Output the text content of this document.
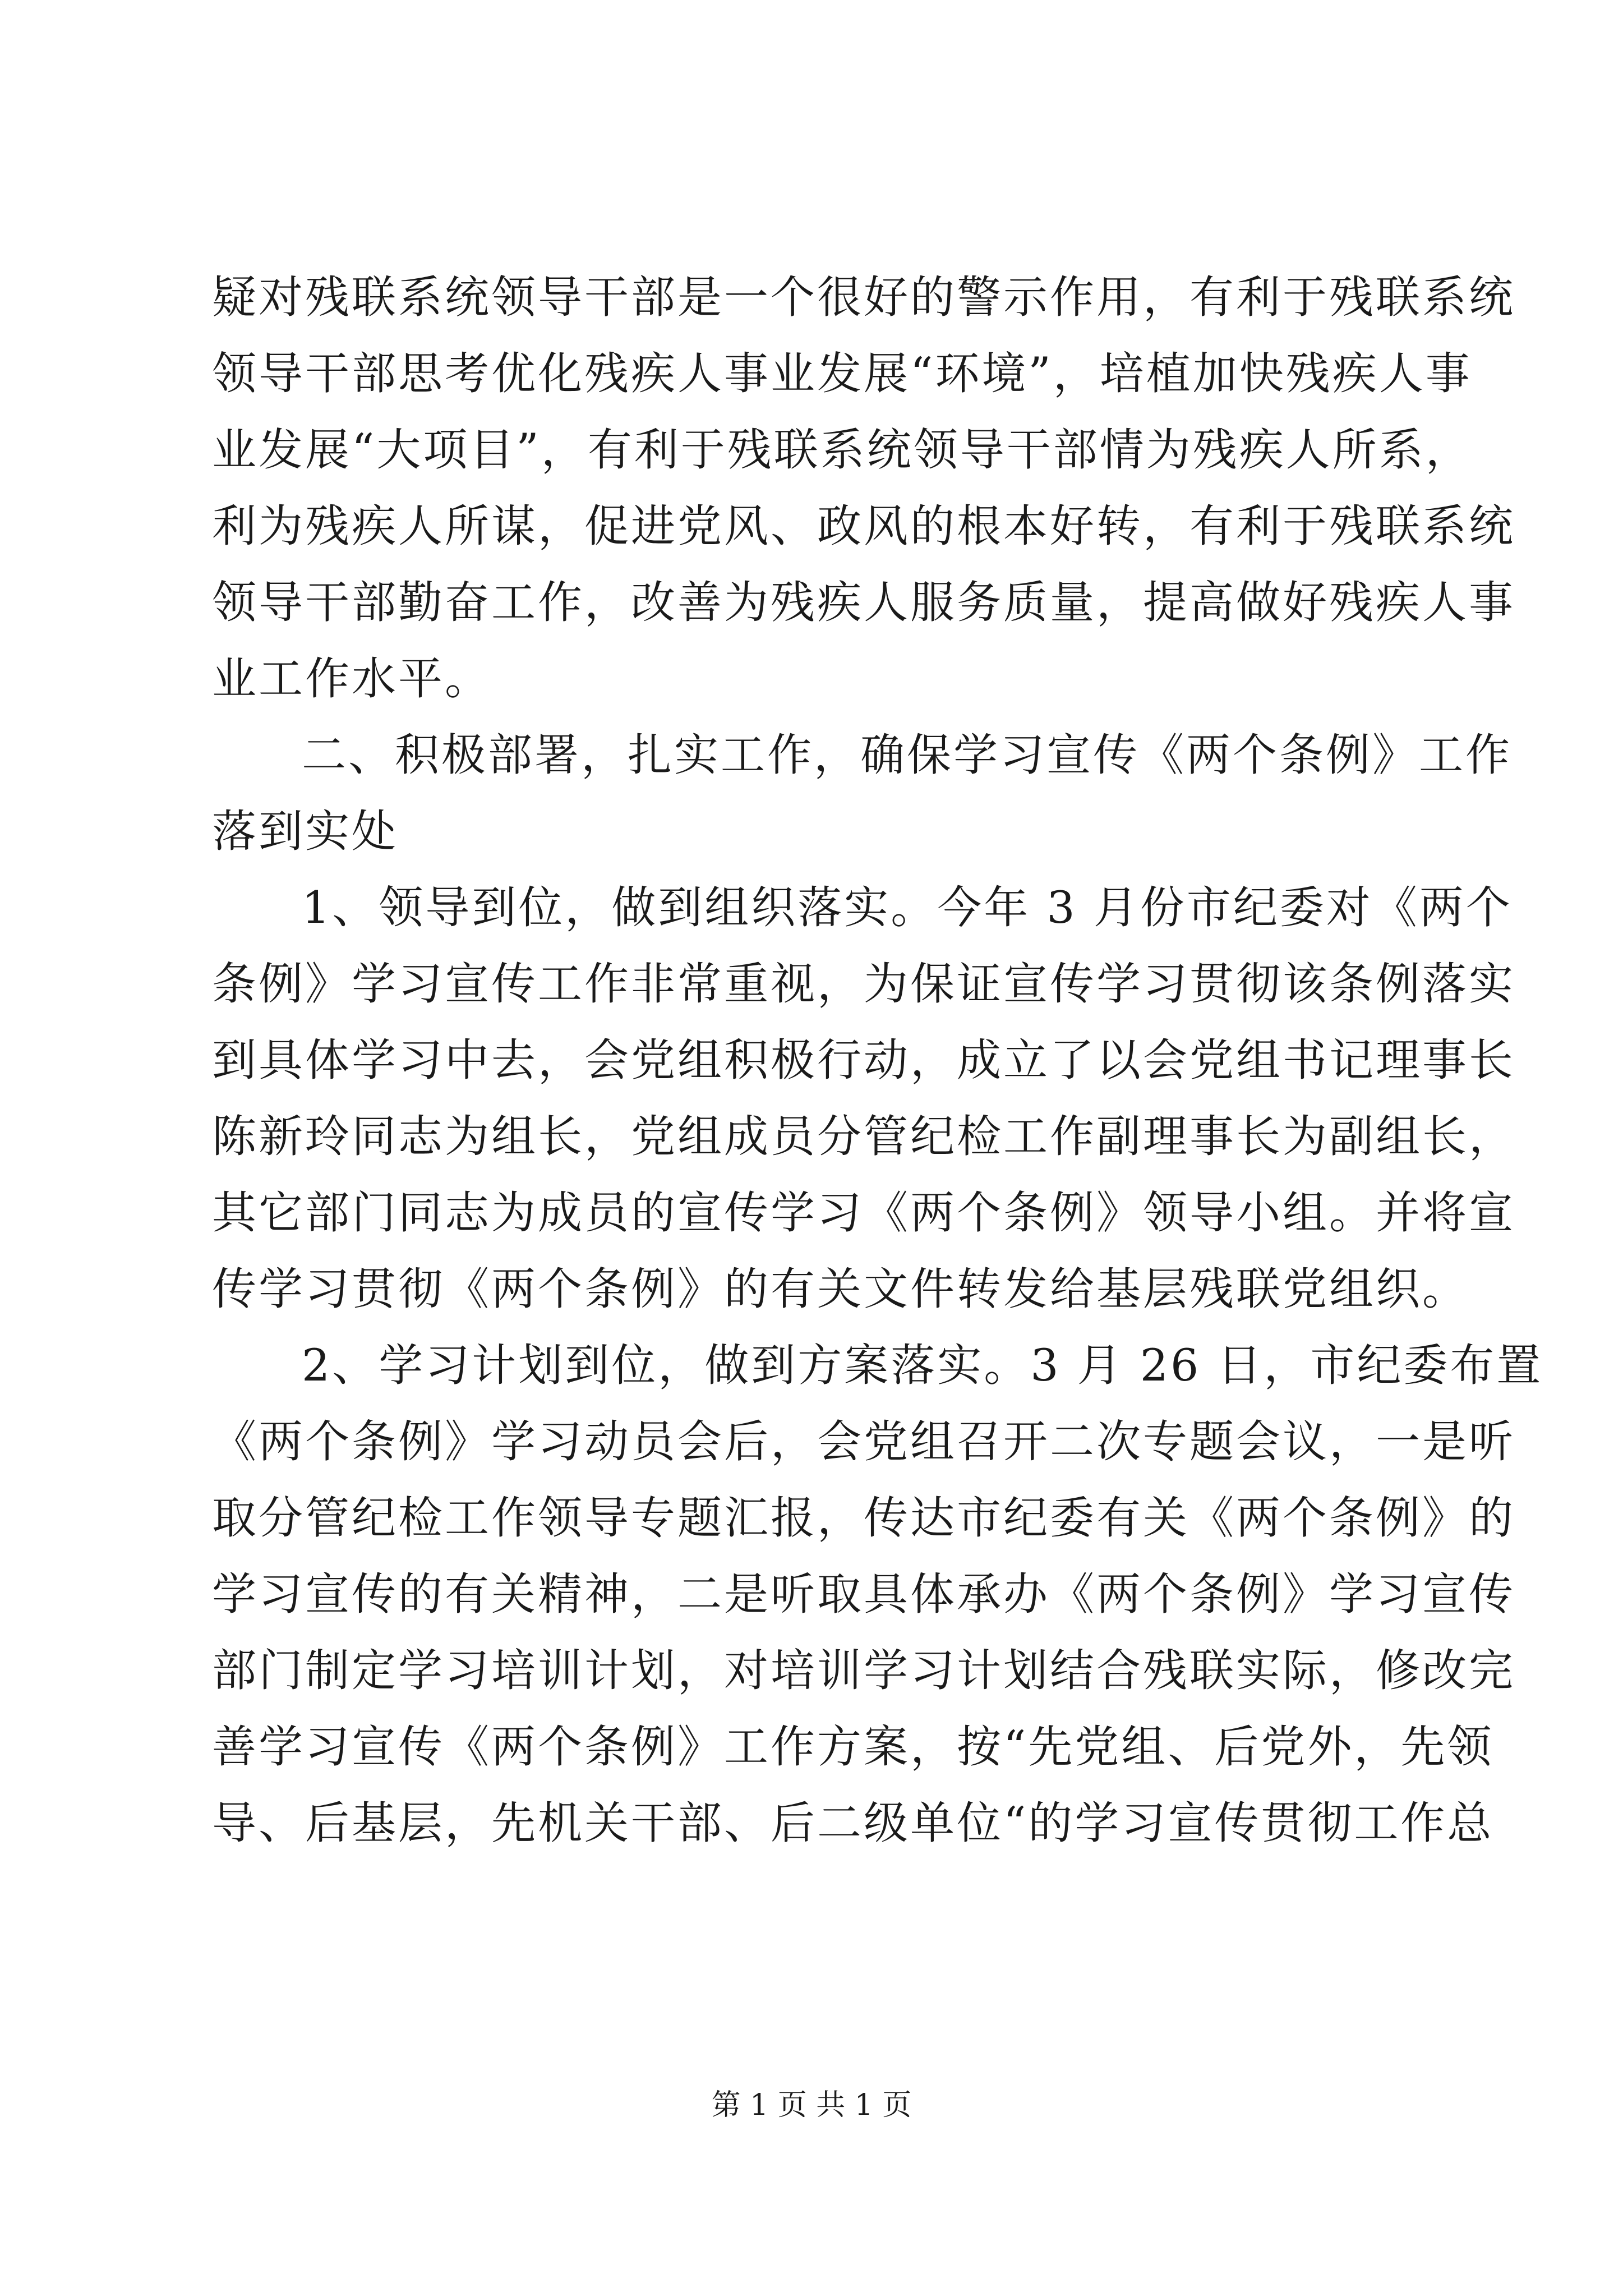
疑对残联系统领导干部是一个很好的警示作用，有利于残联系统
领导干部思考优化残疾人事业发展“环境”，培植加快残疾人事
业发展“大项目”，有利于残联系统领导干部情为残疾人所系，
利为残疾人所谋，促进党风、政风的根本好转，有利于残联系统
领导干部勤奋工作，改善为残疾人服务质量，提高做好残疾人事
业工作水平。
二、积极部署，扎实工作，确保学习宣传《两个条例》工作
落到实处
1、领导到位，做到组织落实。今年 3 月份市纪委对《两个
条例》学习宣传工作非常重视，为保证宣传学习贯彻该条例落实
到具体学习中去，会党组积极行动，成立了以会党组书记理事长
陈新玲同志为组长，党组成员分管纪检工作副理事长为副组长，
其它部门同志为成员的宣传学习《两个条例》领导小组。并将宣
传学习贯彻《两个条例》的有关文件转发给基层残联党组织。
2、学习计划到位，做到方案落实。3 月 26 日，市纪委布置
《两个条例》学习动员会后，会党组召开二次专题会议，一是听
取分管纪检工作领导专题汇报，传达市纪委有关《两个条例》的
学习宣传的有关精神，二是听取具体承办《两个条例》学习宣传
部门制定学习培训计划，对培训学习计划结合残联实际，修改完
善学习宣传《两个条例》工作方案，按“先党组、后党外，先领
导、后基层，先机关干部、后二级单位“的学习宣传贯彻工作总
第 1 页 共 1 页
